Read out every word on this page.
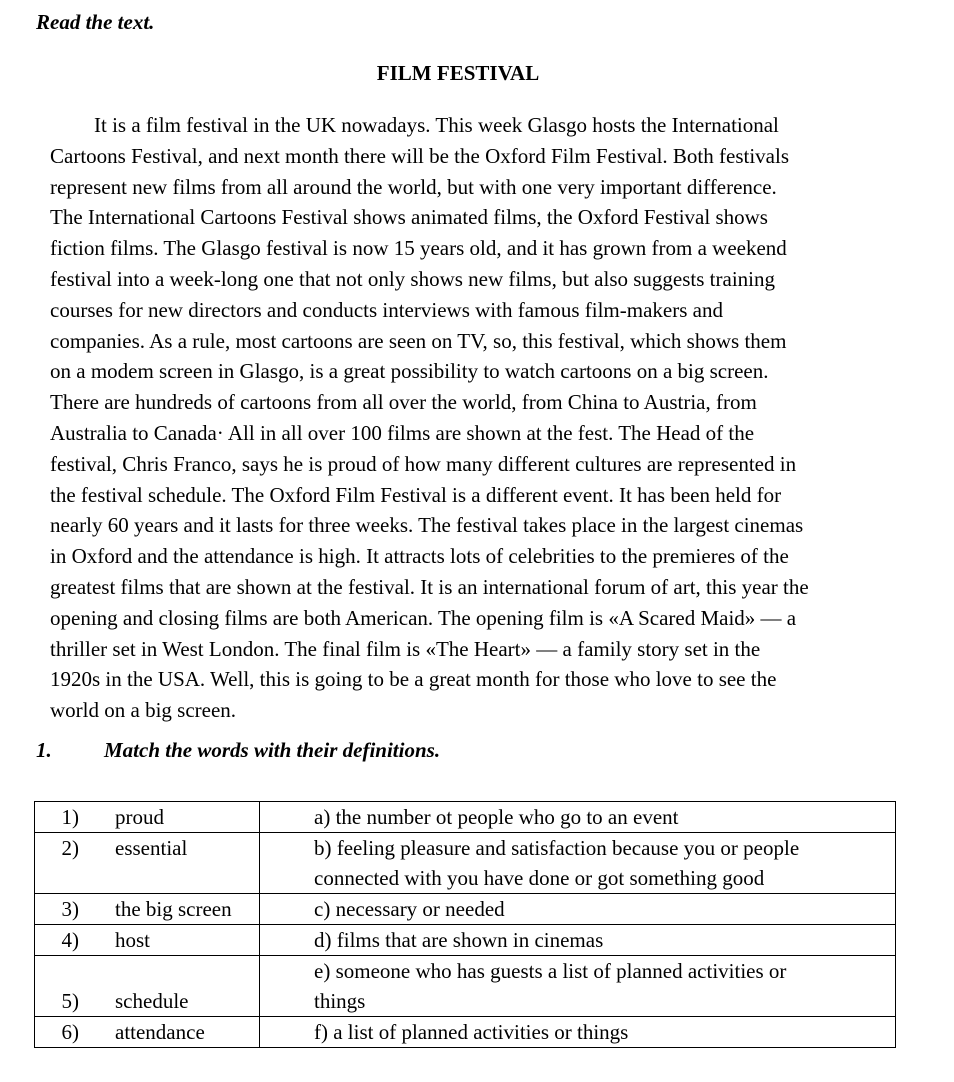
Read the text.
FILM FESTIVAL
It is a film festival in the UK nowadays. This week Glasgo hosts the International
Cartoons Festival, and next month there will be the Oxford Film Festival. Both festivals
represent new films from all around the world, but with one very important difference.
The International Cartoons Festival shows animated films, the Oxford Festival shows
fiction films. The Glasgo festival is now 15 years old, and it has grown from a weekend
festival into a week-long one that not only shows new films, but also suggests training
courses for new directors and conducts interviews with famous film-makers and
companies. As a rule, most cartoons are seen on TV, so, this festival, which shows them
on a modem screen in Glasgo, is a great possibility to watch cartoons on a big screen.
There are hundreds of cartoons from all over the world, from China to Austria, from
Australia to Canada· All in all over 100 films are shown at the fest. The Head of the
festival, Chris Franco, says he is proud of how many different cultures are represented in
the festival schedule. The Oxford Film Festival is a different event. It has been held for
nearly 60 years and it lasts for three weeks. The festival takes place in the largest cinemas
in Oxford and the attendance is high. It attracts lots of celebrities to the premieres of the
greatest films that are shown at the festival. It is an international forum of art, this year the
opening and closing films are both American. The opening film is «A Scared Maid» — a
thriller set in West London. The final film is «The Heart» — a family story set in the
1920s in the USA. Well, this is going to be a great month for those who love to see the
world on a big screen.
1. Match the words with their definitions.
1) proud	a) the number ot people who go to an event

2) essential	b) feeling pleasure and satisfaction because you or people
connected with you have done or got something good

3) the big screen	c) necessary or needed

4) host	d) films that are shown in cinemas

5) schedule	e) someone who has guests a list of planned activities or
things

6) attendance	f) a list of planned activities or things
